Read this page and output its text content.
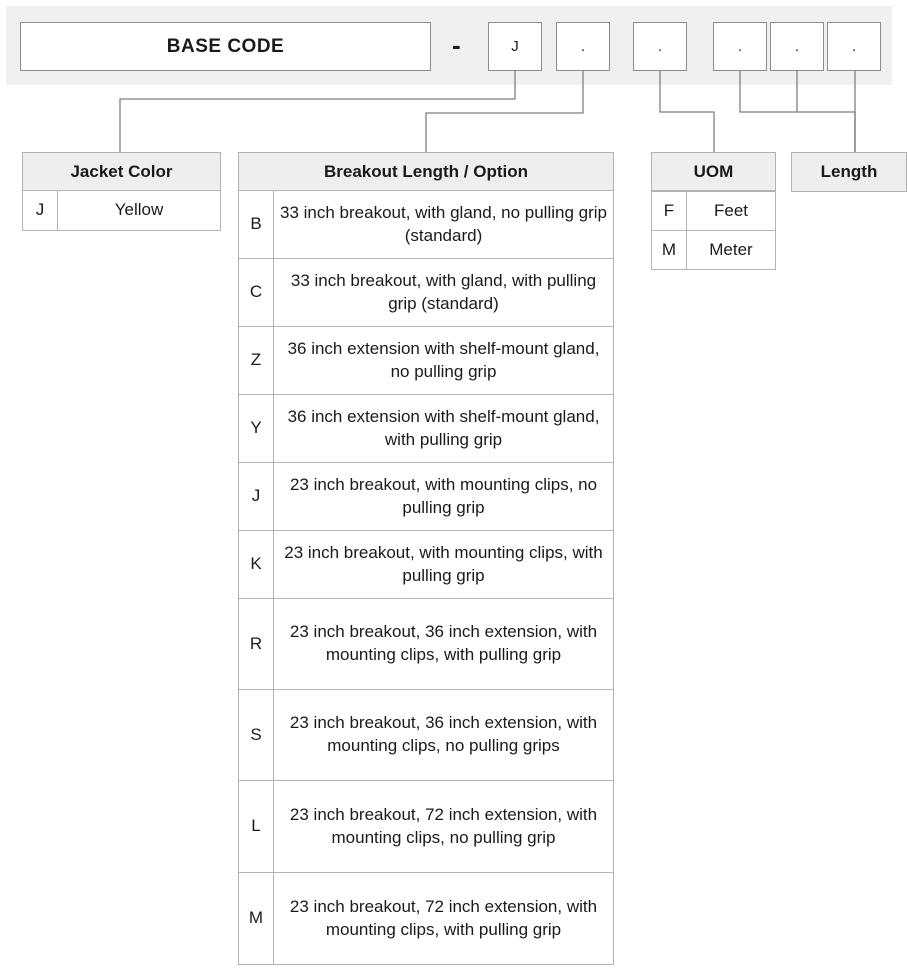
BASE CODE	-	J	.	.	.	.	.
Jacket Color
J	Yellow
Breakout Length / Option
B	33 inch breakout, with gland, no pulling grip (standard)
C	33 inch breakout, with gland, with pulling grip (standard)
Z	36 inch extension with shelf-mount gland, no pulling grip
Y	36 inch extension with shelf-mount gland, with pulling grip
J	23 inch breakout, with mounting clips, no pulling grip
K	23 inch breakout, with mounting clips, with pulling grip
R	23 inch breakout, 36 inch extension, with mounting clips, with pulling grip
S	23 inch breakout, 36 inch extension, with mounting clips, no pulling grips
L	23 inch breakout, 72 inch extension, with mounting clips, no pulling grip
M	23 inch breakout, 72 inch extension, with mounting clips, with pulling grip
UOM
F	Feet
M	Meter
Length
